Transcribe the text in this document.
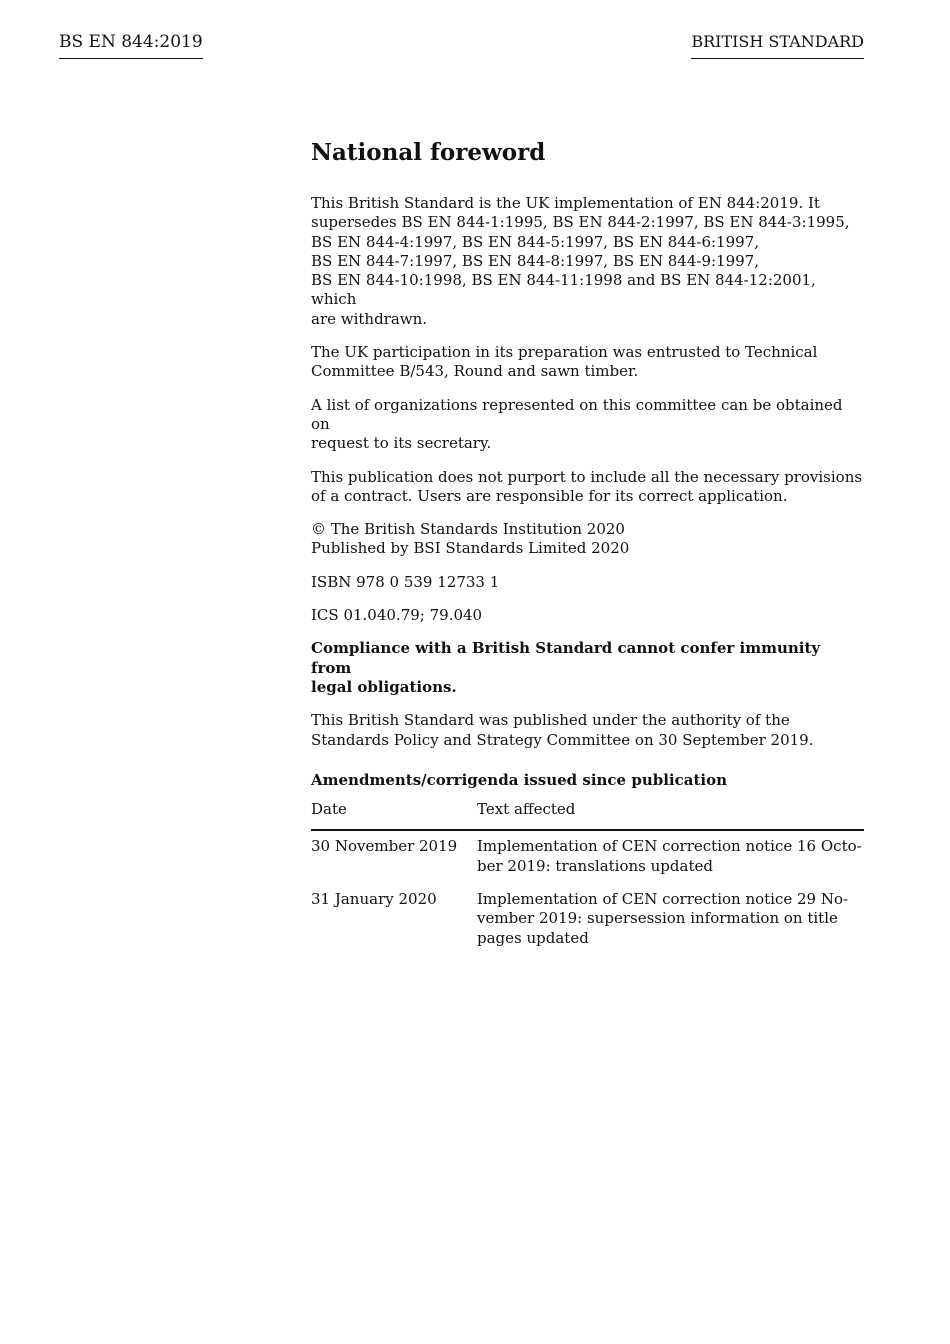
BS EN 844:2019	BRITISH STANDARD
National foreword

This British Standard is the UK implementation of EN 844:2019. It
supersedes BS EN 844-1:1995, BS EN 844-2:1997, BS EN 844-3:1995,
BS EN 844-4:1997, BS EN 844-5:1997, BS EN 844-6:1997,
BS EN 844-7:1997, BS EN 844-8:1997, BS EN 844-9:1997,
BS EN 844-10:1998, BS EN 844-11:1998 and BS EN 844-12:2001, which
are withdrawn.

The UK participation in its preparation was entrusted to Technical
Committee B/543, Round and sawn timber.

A list of organizations represented on this committee can be obtained on
request to its secretary.

This publication does not purport to include all the necessary provisions
of a contract. Users are responsible for its correct application.

© The British Standards Institution 2020
Published by BSI Standards Limited 2020

ISBN 978 0 539 12733 1

ICS 01.040.79; 79.040

Compliance with a British Standard cannot confer immunity from
legal obligations.

This British Standard was published under the authority of the
Standards Policy and Strategy Committee on 30 September 2019.

Amendments/corrigenda issued since publication
Date	Text affected
30 November 2019	Implementation of CEN correction notice 16 Octo-
ber 2019: translations updated
31 January 2020	Implementation of CEN correction notice 29 No-
vember 2019: supersession information on title
pages updated
